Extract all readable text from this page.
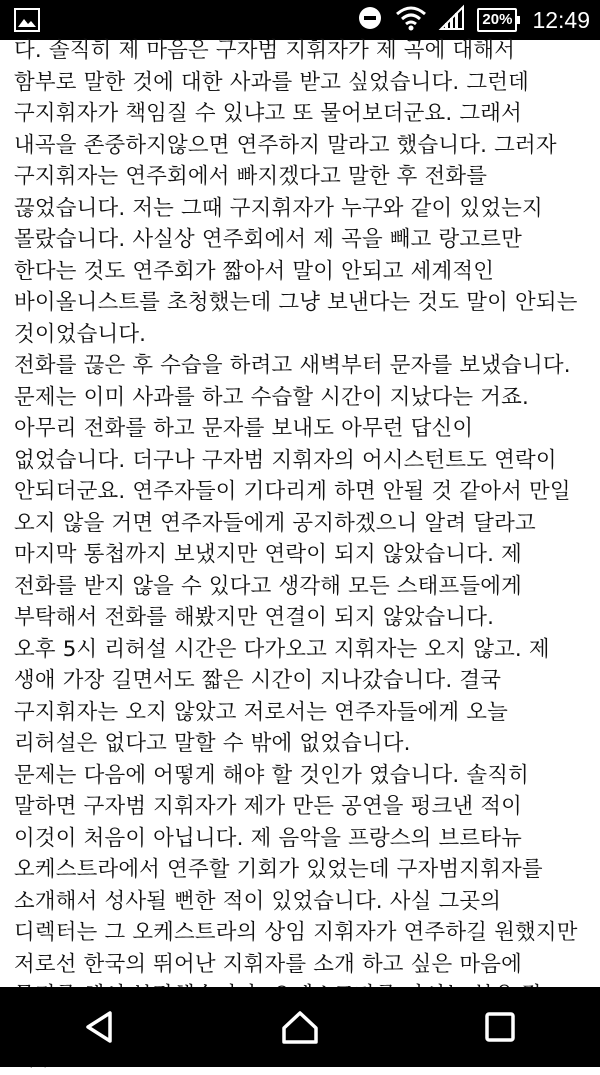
20% 12:49

다. 솔직히 제 마음은 구자범 지휘자가 제 곡에 대해서 함부로 말한 것에 대한 사과를 받고 싶었습니다. 그런데 구지휘자가 책임질 수 있냐고 또 물어보더군요. 그래서 내곡을 존중하지않으면 연주하지 말라고 했습니다. 그러자 구지휘자는 연주회에서 빠지겠다고 말한 후 전화를 끊었습니다. 저는 그때 구지휘자가 누구와 같이 있었는지 몰랐습니다. 사실상 연주회에서 제 곡을 빼고 랑고르만 한다는 것도 연주회가 짧아서 말이 안되고 세계적인 바이올니스트를 초청했는데 그냥 보낸다는 것도 말이 안되는 것이었습니다.

전화를 끊은 후 수습을 하려고 새벽부터 문자를 보냈습니다. 문제는 이미 사과를 하고 수습할 시간이 지났다는 거죠. 아무리 전화를 하고 문자를 보내도 아무런 답신이 없었습니다. 더구나 구자범 지휘자의 어시스턴트도 연락이 안되더군요. 연주자들이 기다리게 하면 안될 것 같아서 만일 오지 않을 거면 연주자들에게 공지하겠으니 알려 달라고 마지막 통첩까지 보냈지만 연락이 되지 않았습니다. 제 전화를 받지 않을 수 있다고 생각해 모든 스태프들에게 부탁해서 전화를 해봤지만 연결이 되지 않았습니다.

오후 5시 리허설 시간은 다가오고 지휘자는 오지 않고. 제 생애 가장 길면서도 짧은 시간이 지나갔습니다. 결국 구지휘자는 오지 않았고 저로서는 연주자들에게 오늘 리허설은 없다고 말할 수 밖에 없었습니다.

문제는 다음에 어떻게 해야 할 것인가 였습니다. 솔직히 말하면 구자범 지휘자가 제가 만든 공연을 펑크낸 적이 이것이 처음이 아닙니다. 제 음악을 프랑스의 브르타뉴 오케스트라에서 연주할 기회가 있었는데 구자범지휘자를 소개해서 성사될 뻔한 적이 있었습니다. 사실 그곳의 디렉터는 그 오케스트라의 상임 지휘자가 연주하길 원했지만 저로선 한국의 뛰어난 지휘자를 소개 하고 싶은 마음에
